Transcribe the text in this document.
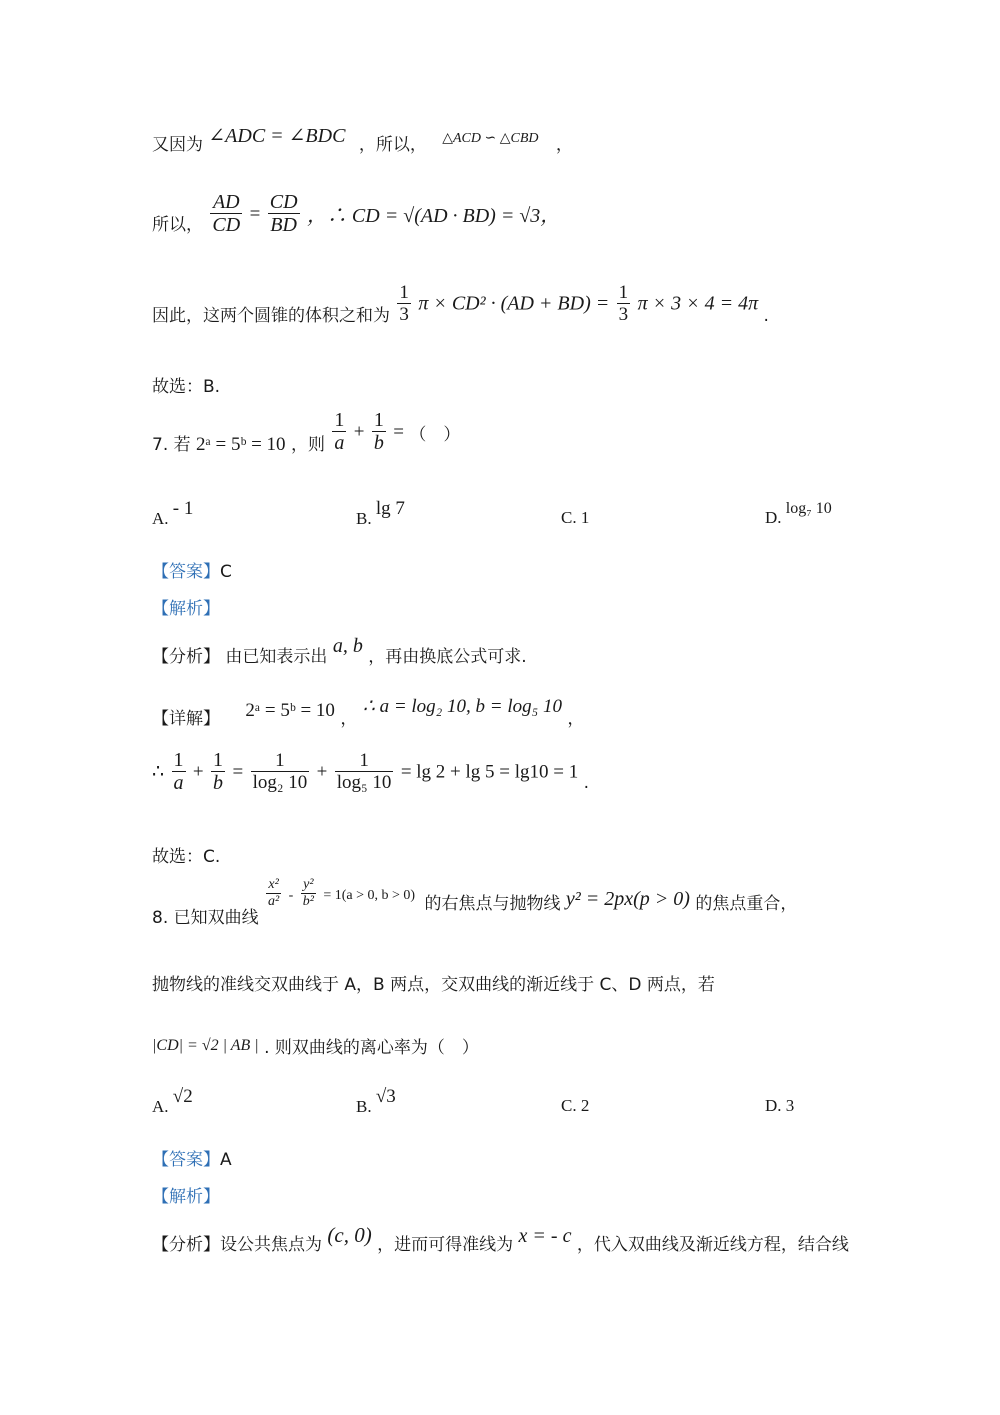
又因为 ∠ADC = ∠BDC ，所以， $^{\triangle ACD ∽ \triangle CBD}$ ，
所以， $\frac{AD}{CD} = \frac{CD}{BD}$ ，∴ CD = √(AD · BD) = √3，
因此，这两个圆锥的体积之和为 $\frac{1}{3}$ $\pi \times CD^2 \cdot (AD + BD) = \frac{1}{3}$ π × 3 × 4 = 4π .
故选：B.
7. 若 2ᵃ = 5ᵇ = 10 ，则 $\frac{1}{a} + \frac{1}{b}$ = （　）
A. - 1	B. lg 7	C. 1	D. log₇ 10
【答案】C
【解析】
【分析】 由已知表示出 a, b ，再由换底公式可求.
【详解】 2ᵃ = 5ᵇ = 10 ， ∴ a = log₂ 10, b = log₅ 10 ，
∴ $\frac{1}{a} + \frac{1}{b} = \frac{1}{\text{log₂ 10}} + \frac{1}{\text{log₅ 10}} = \lg 2 + \lg 5 = \lg 10 = 1$ .
故选：C.
8. 已知双曲线
$\frac{\text{x²}}{\text{a²}} - \frac{\text{y²}}{\text{b²}} = 1(a > 0$, b > 0) 的右焦点与抛物线 y² = 2px(p > 0) 的焦点重合，
抛物线的准线交双曲线于 A，B 两点，交双曲线的渐近线于 C、D 两点，若
|CD| = √2 | AB | . 则双曲线的离心率为（　）
A. √2	B. √3	C. 2	D. 3
【答案】A
【解析】
【分析】设公共焦点为 (c, 0) ，进而可得准线为 x = - c ，代入双曲线及渐近线方程，结合线
